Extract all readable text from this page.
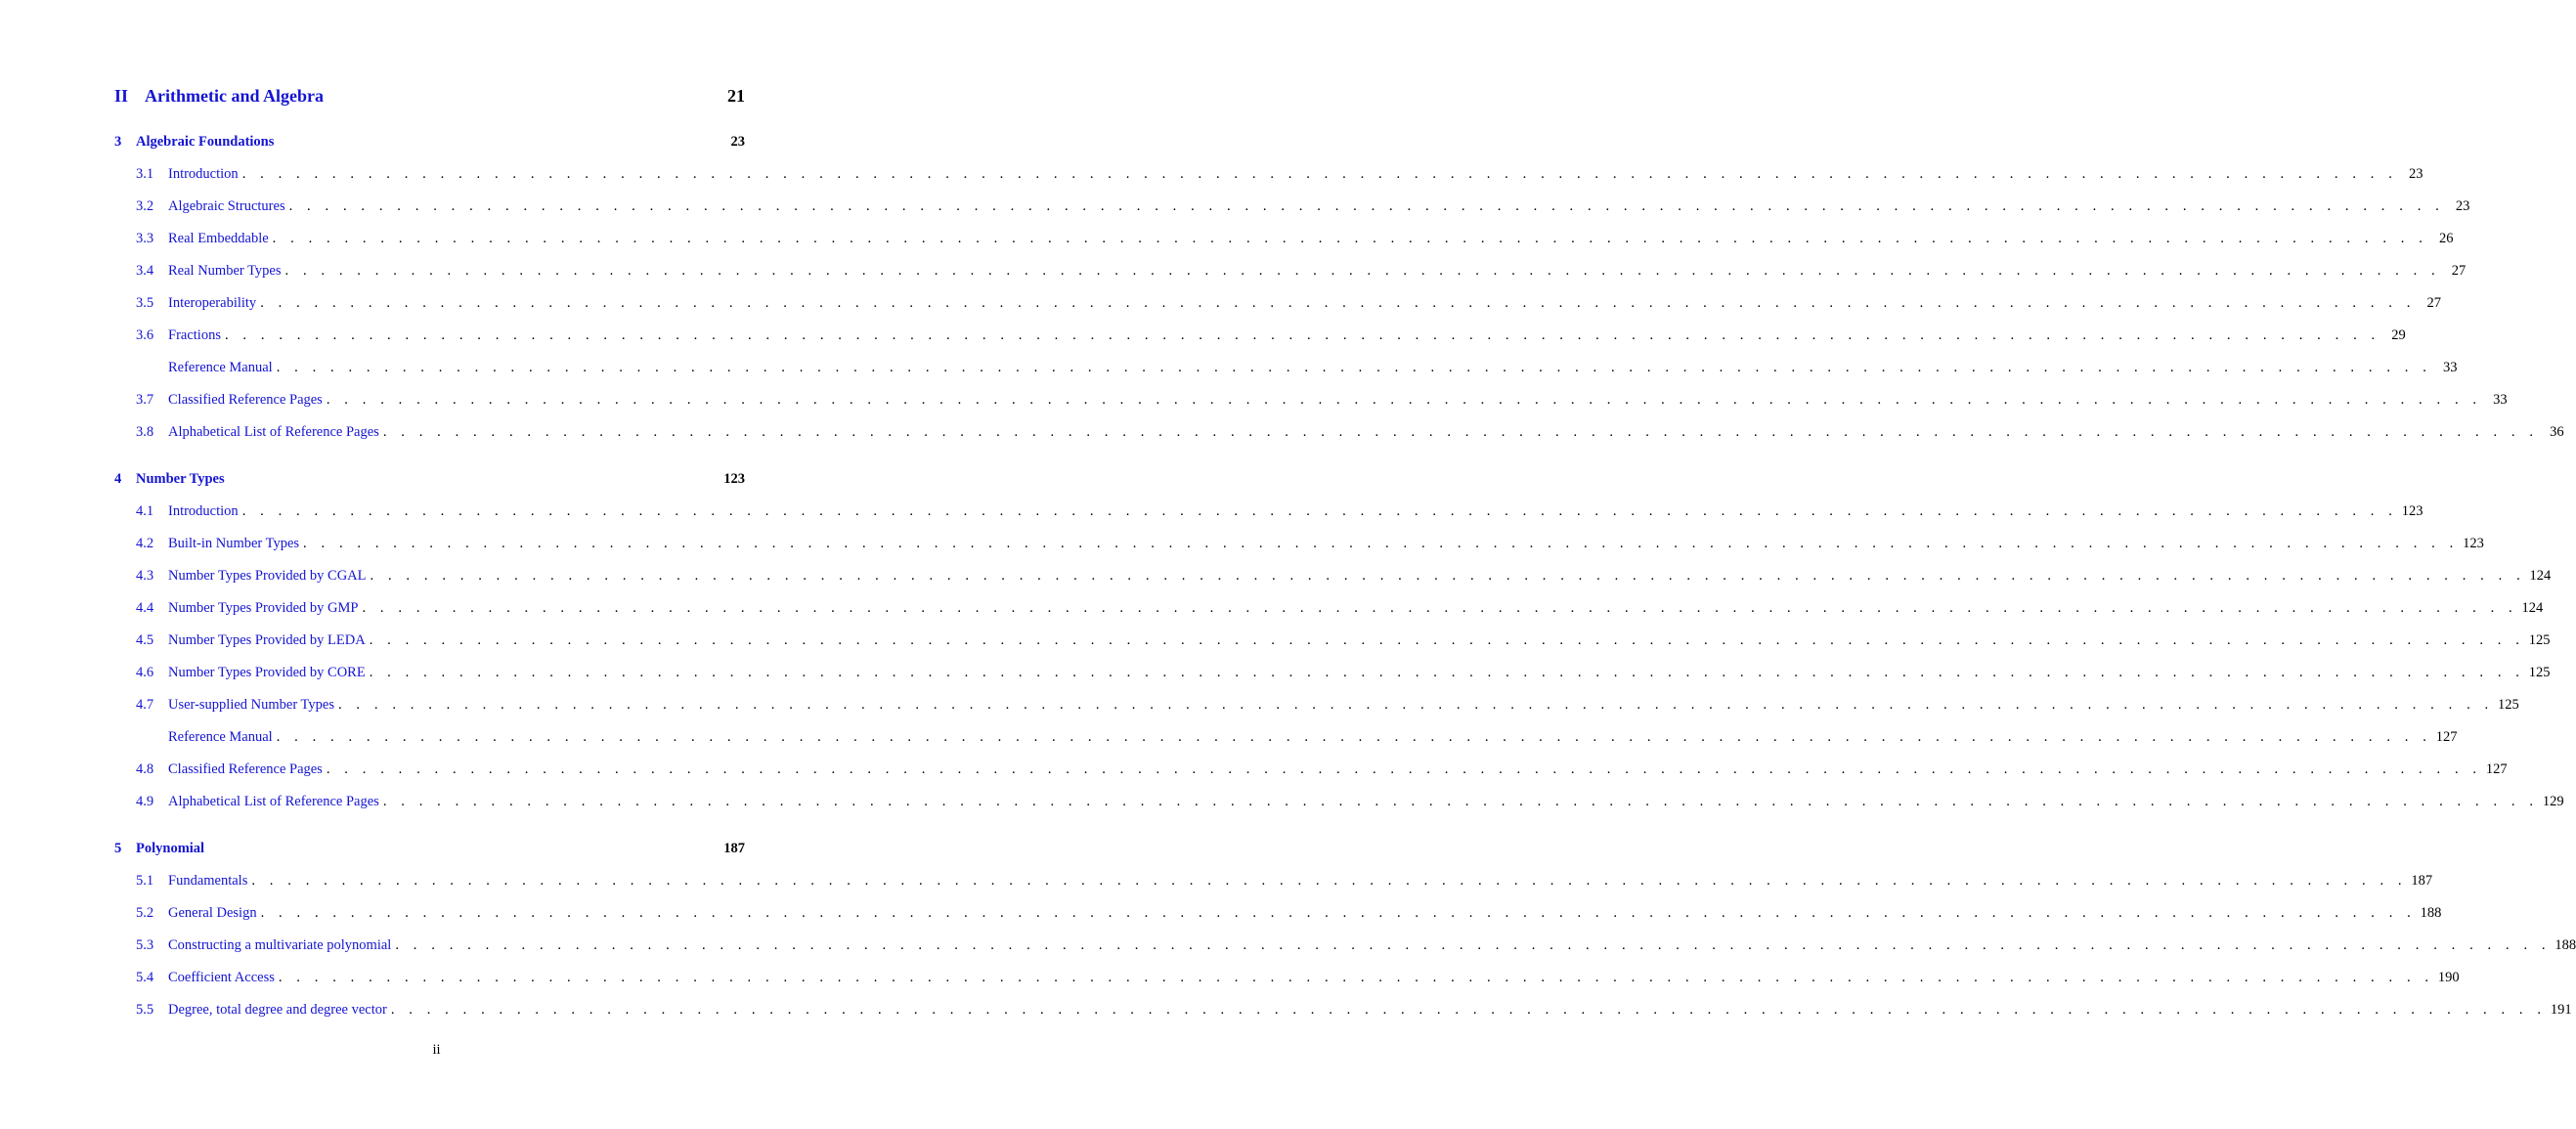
II Arithmetic and Algebra	21
3	Algebraic Foundations	23
3.1	Introduction . . . . . . . . . . . . . . . . . . . . . . . . . . . . . . . . . . . . . . . . . . . . . . . . . . . . . . . . . . . . . . . . . . . . . . . . . . . . . . . . . . . . . . . . . . . . . . . . . . . . . . . . . . . . . . . . . . . . . . . . 23
3.2	Algebraic Structures . . . . . . . . . . . . . . . . . . . . . . . . . . . . . . . . . . . . . . . . . . . . . . . . . . . . . . . . . . . . . . . . . . . . . . . . . . . . . . . . . . . . . . . . . . . . . . . . . . . . . . . . . . . . . . . . . . . . . . . . 23
3.3	Real Embeddable . . . . . . . . . . . . . . . . . . . . . . . . . . . . . . . . . . . . . . . . . . . . . . . . . . . . . . . . . . . . . . . . . . . . . . . . . . . . . . . . . . . . . . . . . . . . . . . . . . . . . . . . . . . . . . . . . . . . . . . . 26
3.4	Real Number Types . . . . . . . . . . . . . . . . . . . . . . . . . . . . . . . . . . . . . . . . . . . . . . . . . . . . . . . . . . . . . . . . . . . . . . . . . . . . . . . . . . . . . . . . . . . . . . . . . . . . . . . . . . . . . . . . . . . . . . . . 27
3.5	Interoperability . . . . . . . . . . . . . . . . . . . . . . . . . . . . . . . . . . . . . . . . . . . . . . . . . . . . . . . . . . . . . . . . . . . . . . . . . . . . . . . . . . . . . . . . . . . . . . . . . . . . . . . . . . . . . . . . . . . . . . . . 27
3.6	Fractions . . . . . . . . . . . . . . . . . . . . . . . . . . . . . . . . . . . . . . . . . . . . . . . . . . . . . . . . . . . . . . . . . . . . . . . . . . . . . . . . . . . . . . . . . . . . . . . . . . . . . . . . . . . . . . . . . . . . . . . . 29
Reference Manual . . . . . . . . . . . . . . . . . . . . . . . . . . . . . . . . . . . . . . . . . . . . . . . . . . . . . . . . . . . . . . . . . . . . . . . . . . . . . . . . . . . . . . . . . . . . . . . . . . . . . . . . . . . . . . . . . . . . . . . . 33
3.7	Classified Reference Pages . . . . . . . . . . . . . . . . . . . . . . . . . . . . . . . . . . . . . . . . . . . . . . . . . . . . . . . . . . . . . . . . . . . . . . . . . . . . . . . . . . . . . . . . . . . . . . . . . . . . . . . . . . . . . . . . . . . . . . . . 33
3.8	Alphabetical List of Reference Pages . . . . . . . . . . . . . . . . . . . . . . . . . . . . . . . . . . . . . . . . . . . . . . . . . . . . . . . . . . . . . . . . . . . . . . . . . . . . . . . . . . . . . . . . . . . . . . . . . . . . . . . . . . . . . . . . . . . . . . . . 36
4	Number Types	123
4.1	Introduction . . . . . . . . . . . . . . . . . . . . . . . . . . . . . . . . . . . . . . . . . . . . . . . . . . . . . . . . . . . . . . . . . . . . . . . . . . . . . . . . . . . . . . . . . . . . . . . . . . . . . . . . . . . . . . . . . . . . . . . . 123
4.2	Built-in Number Types . . . . . . . . . . . . . . . . . . . . . . . . . . . . . . . . . . . . . . . . . . . . . . . . . . . . . . . . . . . . . . . . . . . . . . . . . . . . . . . . . . . . . . . . . . . . . . . . . . . . . . . . . . . . . . . . . . . . . . . . 123
4.3	Number Types Provided by CGAL . . . . . . . . . . . . . . . . . . . . . . . . . . . . . . . . . . . . . . . . . . . . . . . . . . . . . . . . . . . . . . . . . . . . . . . . . . . . . . . . . . . . . . . . . . . . . . . . . . . . . . . . . . . . . . . . . . . . . . . . 124
4.4	Number Types Provided by GMP . . . . . . . . . . . . . . . . . . . . . . . . . . . . . . . . . . . . . . . . . . . . . . . . . . . . . . . . . . . . . . . . . . . . . . . . . . . . . . . . . . . . . . . . . . . . . . . . . . . . . . . . . . . . . . . . . . . . . . . . 124
4.5	Number Types Provided by LEDA . . . . . . . . . . . . . . . . . . . . . . . . . . . . . . . . . . . . . . . . . . . . . . . . . . . . . . . . . . . . . . . . . . . . . . . . . . . . . . . . . . . . . . . . . . . . . . . . . . . . . . . . . . . . . . . . . . . . . . . . 125
4.6	Number Types Provided by CORE . . . . . . . . . . . . . . . . . . . . . . . . . . . . . . . . . . . . . . . . . . . . . . . . . . . . . . . . . . . . . . . . . . . . . . . . . . . . . . . . . . . . . . . . . . . . . . . . . . . . . . . . . . . . . . . . . . . . . . . . 125
4.7	User-supplied Number Types . . . . . . . . . . . . . . . . . . . . . . . . . . . . . . . . . . . . . . . . . . . . . . . . . . . . . . . . . . . . . . . . . . . . . . . . . . . . . . . . . . . . . . . . . . . . . . . . . . . . . . . . . . . . . . . . . . . . . . . . 125
Reference Manual . . . . . . . . . . . . . . . . . . . . . . . . . . . . . . . . . . . . . . . . . . . . . . . . . . . . . . . . . . . . . . . . . . . . . . . . . . . . . . . . . . . . . . . . . . . . . . . . . . . . . . . . . . . . . . . . . . . . . . . . 127
4.8	Classified Reference Pages . . . . . . . . . . . . . . . . . . . . . . . . . . . . . . . . . . . . . . . . . . . . . . . . . . . . . . . . . . . . . . . . . . . . . . . . . . . . . . . . . . . . . . . . . . . . . . . . . . . . . . . . . . . . . . . . . . . . . . . . 127
4.9	Alphabetical List of Reference Pages . . . . . . . . . . . . . . . . . . . . . . . . . . . . . . . . . . . . . . . . . . . . . . . . . . . . . . . . . . . . . . . . . . . . . . . . . . . . . . . . . . . . . . . . . . . . . . . . . . . . . . . . . . . . . . . . . . . . . . . . 129
5	Polynomial	187
5.1	Fundamentals . . . . . . . . . . . . . . . . . . . . . . . . . . . . . . . . . . . . . . . . . . . . . . . . . . . . . . . . . . . . . . . . . . . . . . . . . . . . . . . . . . . . . . . . . . . . . . . . . . . . . . . . . . . . . . . . . . . . . . . . 187
5.2	General Design . . . . . . . . . . . . . . . . . . . . . . . . . . . . . . . . . . . . . . . . . . . . . . . . . . . . . . . . . . . . . . . . . . . . . . . . . . . . . . . . . . . . . . . . . . . . . . . . . . . . . . . . . . . . . . . . . . . . . . . . 188
5.3	Constructing a multivariate polynomial . . . . . . . . . . . . . . . . . . . . . . . . . . . . . . . . . . . . . . . . . . . . . . . . . . . . . . . . . . . . . . . . . . . . . . . . . . . . . . . . . . . . . . . . . . . . . . . . . . . . . . . . . . . . . . . . . . . . . . . . 188
5.4	Coefficient Access . . . . . . . . . . . . . . . . . . . . . . . . . . . . . . . . . . . . . . . . . . . . . . . . . . . . . . . . . . . . . . . . . . . . . . . . . . . . . . . . . . . . . . . . . . . . . . . . . . . . . . . . . . . . . . . . . . . . . . . . 190
5.5	Degree, total degree and degree vector . . . . . . . . . . . . . . . . . . . . . . . . . . . . . . . . . . . . . . . . . . . . . . . . . . . . . . . . . . . . . . . . . . . . . . . . . . . . . . . . . . . . . . . . . . . . . . . . . . . . . . . . . . . . . . . . . . . . . . . . 191
ii
